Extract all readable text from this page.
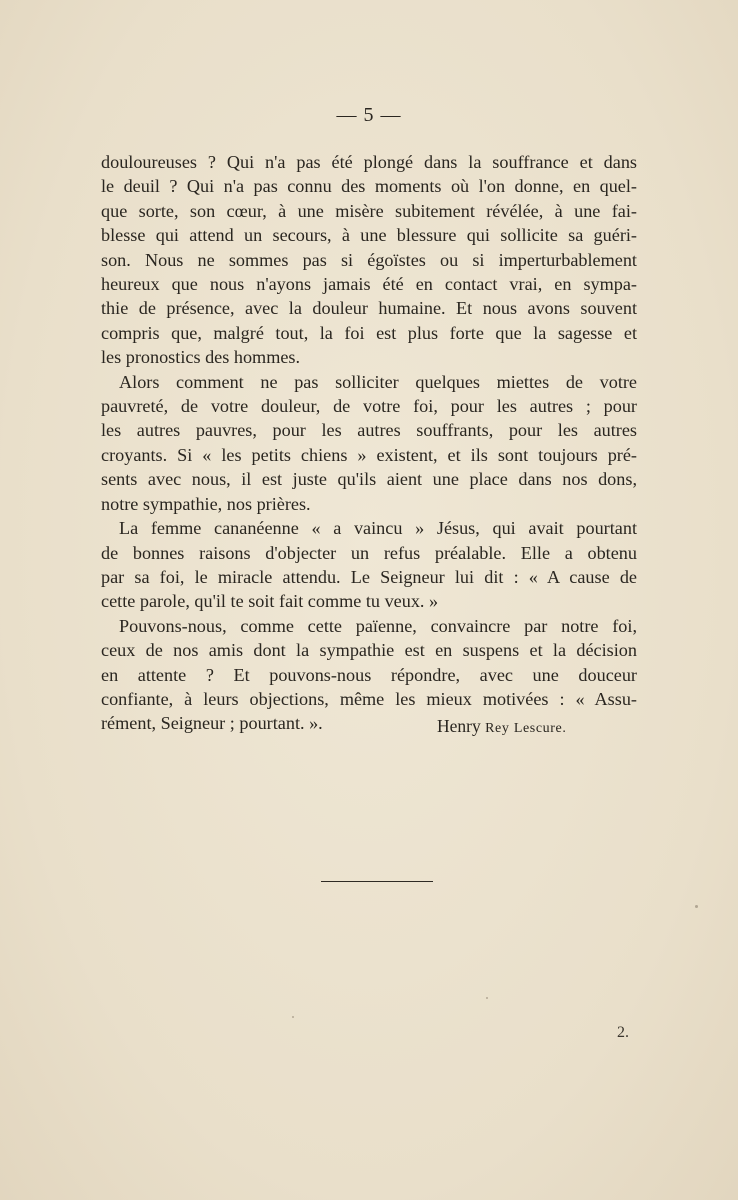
— 5 —
douloureuses ? Qui n'a pas été plongé dans la souffrance et dans
le deuil ? Qui n'a pas connu des moments où l'on donne, en quel-
que sorte, son cœur, à une misère subitement révélée, à une fai-
blesse qui attend un secours, à une blessure qui sollicite sa guéri-
son. Nous ne sommes pas si égoïstes ou si imperturbablement
heureux que nous n'ayons jamais été en contact vrai, en sympa-
thie de présence, avec la douleur humaine. Et nous avons souvent
compris que, malgré tout, la foi est plus forte que la sagesse et
les pronostics des hommes.
Alors comment ne pas solliciter quelques miettes de votre
pauvreté, de votre douleur, de votre foi, pour les autres ; pour
les autres pauvres, pour les autres souffrants, pour les autres
croyants. Si « les petits chiens » existent, et ils sont toujours pré-
sents avec nous, il est juste qu'ils aient une place dans nos dons,
notre sympathie, nos prières.
La femme cananéenne « a vaincu » Jésus, qui avait pourtant
de bonnes raisons d'objecter un refus préalable. Elle a obtenu
par sa foi, le miracle attendu. Le Seigneur lui dit : « A cause de
cette parole, qu'il te soit fait comme tu veux. »
Pouvons-nous, comme cette païenne, convaincre par notre foi,
ceux de nos amis dont la sympathie est en suspens et la décision
en attente ? Et pouvons-nous répondre, avec une douceur
confiante, à leurs objections, même les mieux motivées : « Assu-
rément, Seigneur ; pourtant. ».	Henry Rey Lescure.
2.
